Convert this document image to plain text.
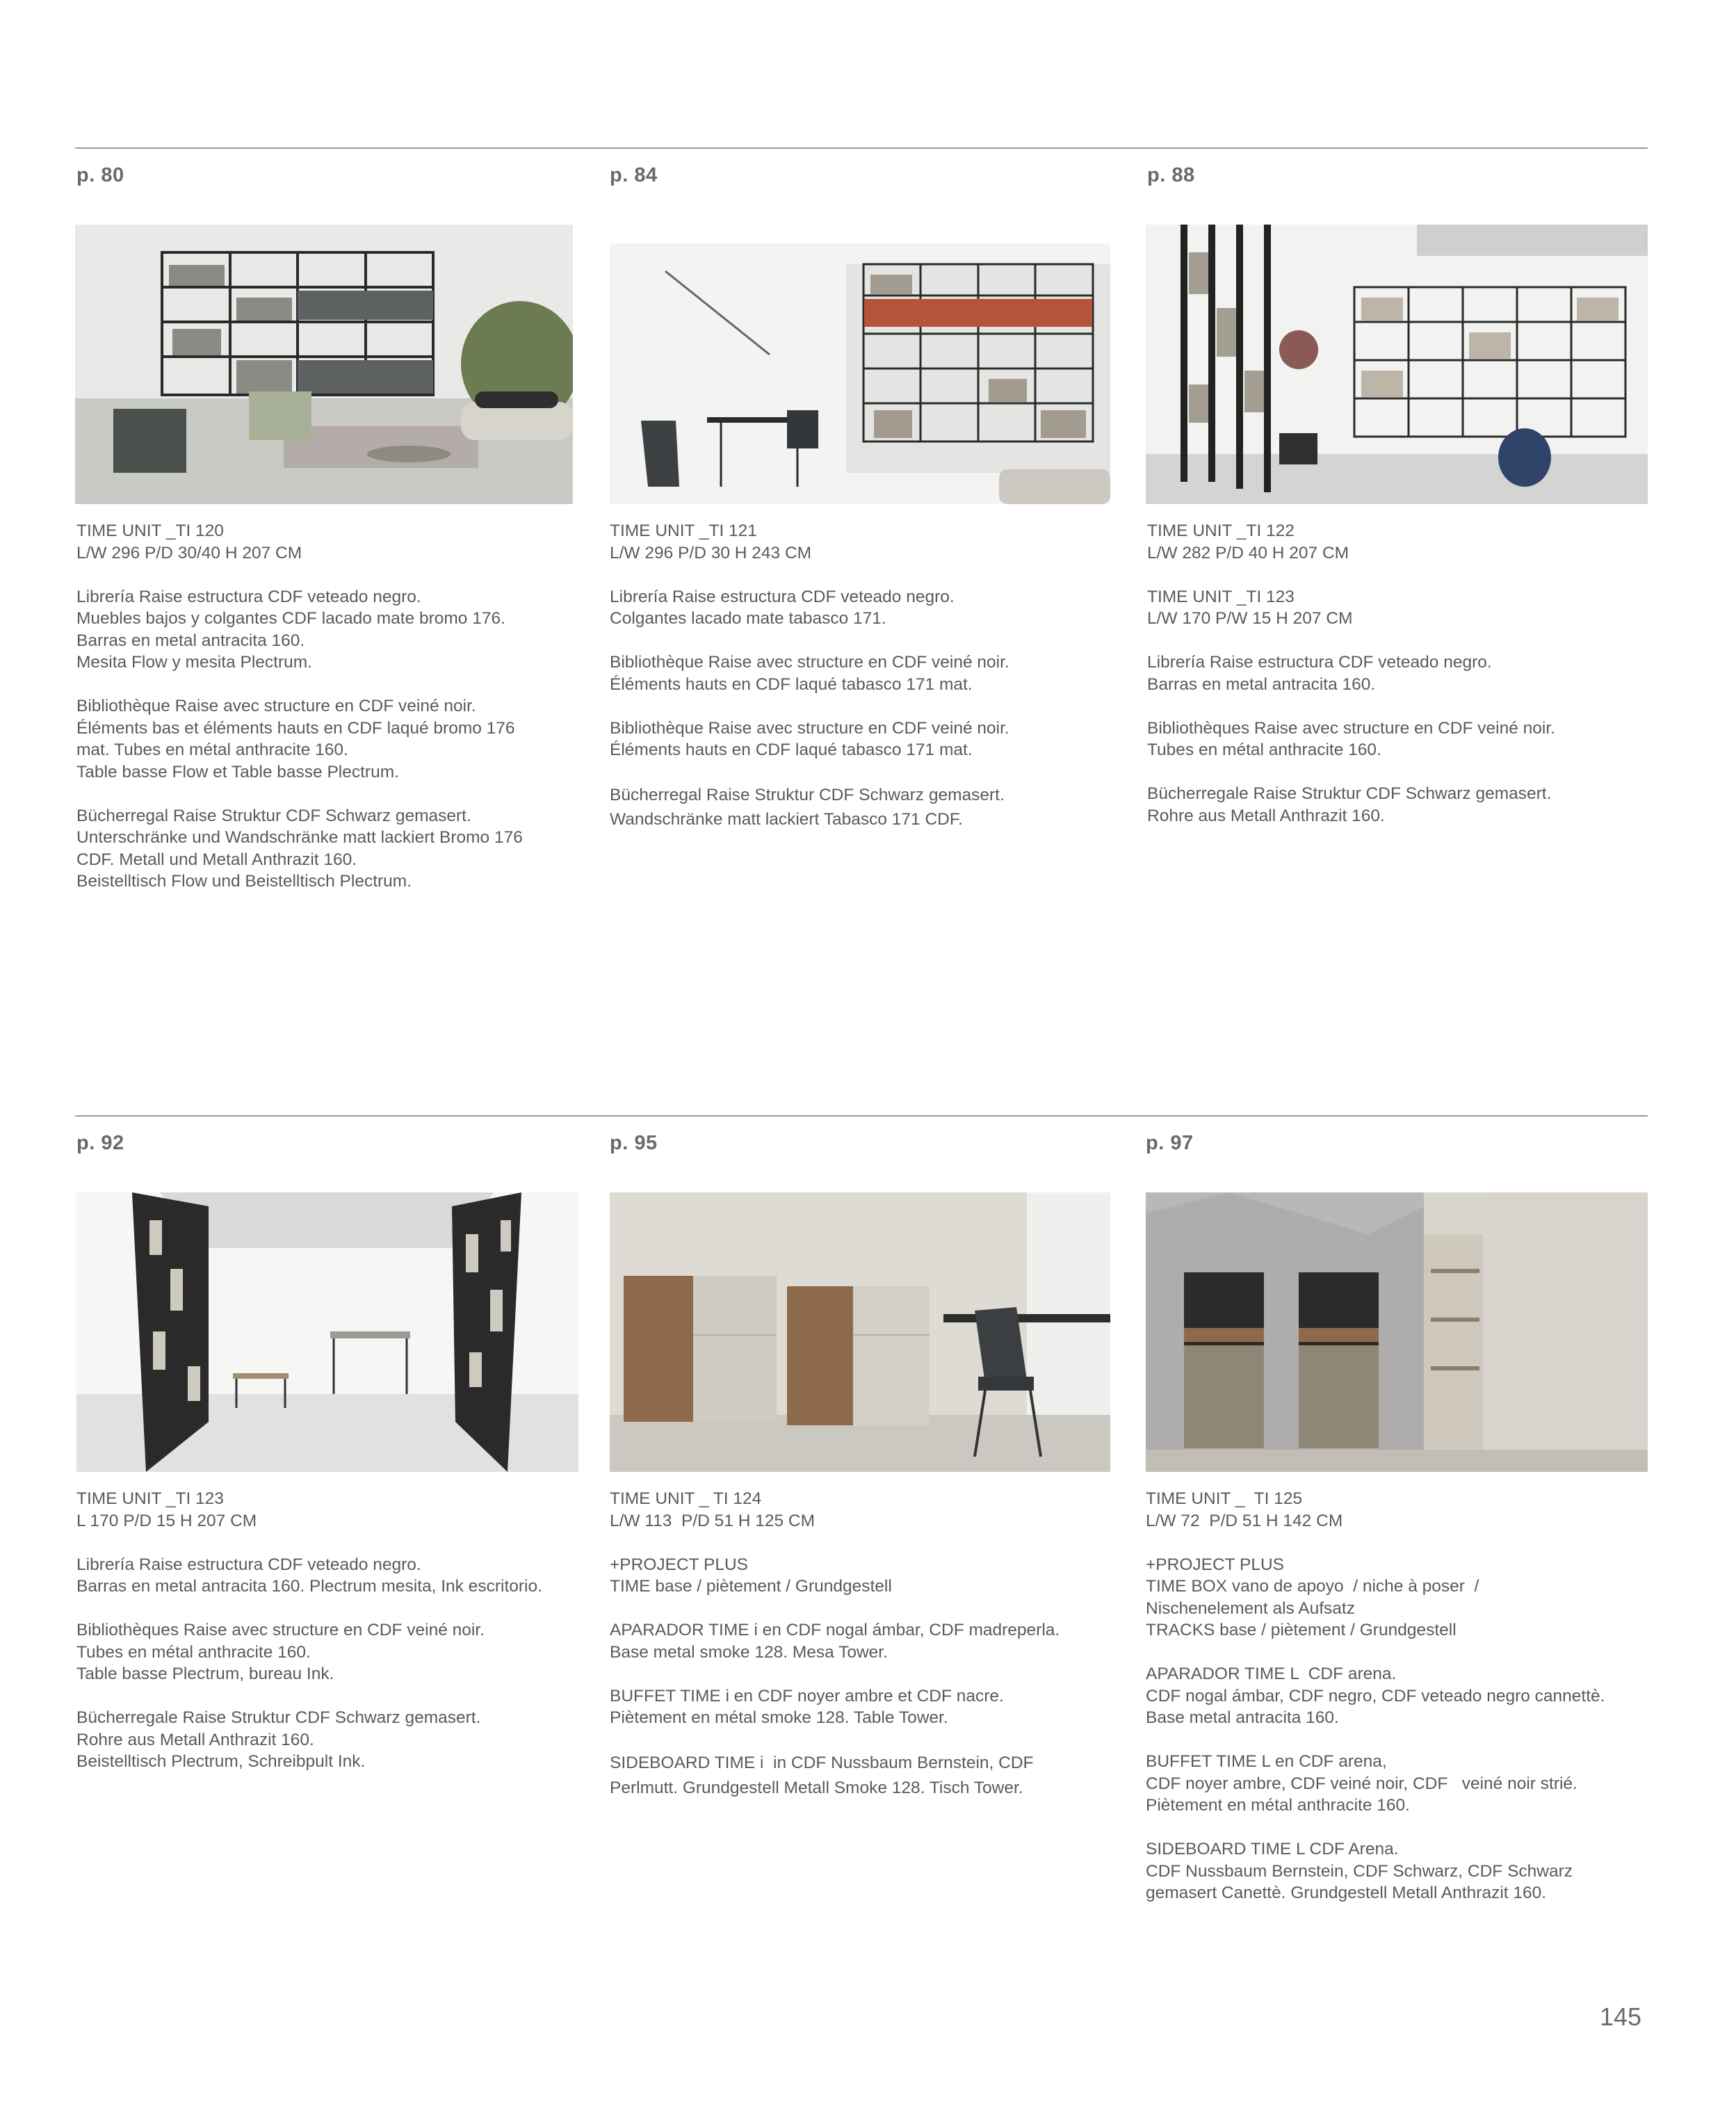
p. 80	p. 84	p. 88
TIME UNIT _TI 120
L/W 296 P/D 30/40 H 207 CM
Librería Raise estructura CDF veteado negro.
Muebles bajos y colgantes CDF lacado mate bromo 176.
Barras en metal antracita 160.
Mesita Flow y mesita Plectrum.
Bibliothèque Raise avec structure en CDF veiné noir.
Éléments bas et éléments hauts en CDF laqué bromo 176
mat. Tubes en métal anthracite 160.
Table basse Flow et Table basse Plectrum.
Bücherregal Raise Struktur CDF Schwarz gemasert.
Unterschränke und Wandschränke matt lackiert Bromo 176
CDF. Metall und Metall Anthrazit 160.
Beistelltisch Flow und Beistelltisch Plectrum.
TIME UNIT _TI 121
L/W 296 P/D 30 H 243 CM
Librería Raise estructura CDF veteado negro.
Colgantes lacado mate tabasco 171.
Bibliothèque Raise avec structure en CDF veiné noir.
Éléments hauts en CDF laqué tabasco 171 mat.
Bibliothèque Raise avec structure en CDF veiné noir.
Éléments hauts en CDF laqué tabasco 171 mat.
Bücherregal Raise Struktur CDF Schwarz gemasert.
Wandschränke matt lackiert Tabasco 171 CDF.
TIME UNIT _TI 122
L/W 282 P/D 40 H 207 CM
TIME UNIT _TI 123
L/W 170 P/W 15 H 207 CM
Librería Raise estructura CDF veteado negro.
Barras en metal antracita 160.
Bibliothèques Raise avec structure en CDF veiné noir.
Tubes en métal anthracite 160.
Bücherregale Raise Struktur CDF Schwarz gemasert.
Rohre aus Metall Anthrazit 160.
p. 92	p. 95	p. 97
TIME UNIT _TI 123
L 170 P/D 15 H 207 CM
Librería Raise estructura CDF veteado negro.
Barras en metal antracita 160. Plectrum mesita, Ink escritorio.
Bibliothèques Raise avec structure en CDF veiné noir.
Tubes en métal anthracite 160.
Table basse Plectrum, bureau Ink.
Bücherregale Raise Struktur CDF Schwarz gemasert.
Rohre aus Metall Anthrazit 160.
Beistelltisch Plectrum, Schreibpult Ink.
TIME UNIT _ TI 124
L/W 113  P/D 51 H 125 CM
+PROJECT PLUS
TIME base / piètement / Grundgestell
APARADOR TIME i en CDF nogal ámbar, CDF madreperla.
Base metal smoke 128. Mesa Tower.
BUFFET TIME i en CDF noyer ambre et CDF nacre.
Piètement en métal smoke 128. Table Tower.
SIDEBOARD TIME i  in CDF Nussbaum Bernstein, CDF
Perlmutt. Grundgestell Metall Smoke 128. Tisch Tower.
TIME UNIT _  TI 125
L/W 72  P/D 51 H 142 CM
+PROJECT PLUS
TIME BOX vano de apoyo  / niche à poser  /
Nischenelement als Aufsatz
TRACKS base / piètement / Grundgestell
APARADOR TIME L  CDF arena.
CDF nogal ámbar, CDF negro, CDF veteado negro cannettè.
Base metal antracita 160.
BUFFET TIME L en CDF arena,
CDF noyer ambre, CDF veiné noir, CDF   veiné noir strié.
Piètement en métal anthracite 160.
SIDEBOARD TIME L CDF Arena.
CDF Nussbaum Bernstein, CDF Schwarz, CDF Schwarz
gemasert Canettè. Grundgestell Metall Anthrazit 160.
145
